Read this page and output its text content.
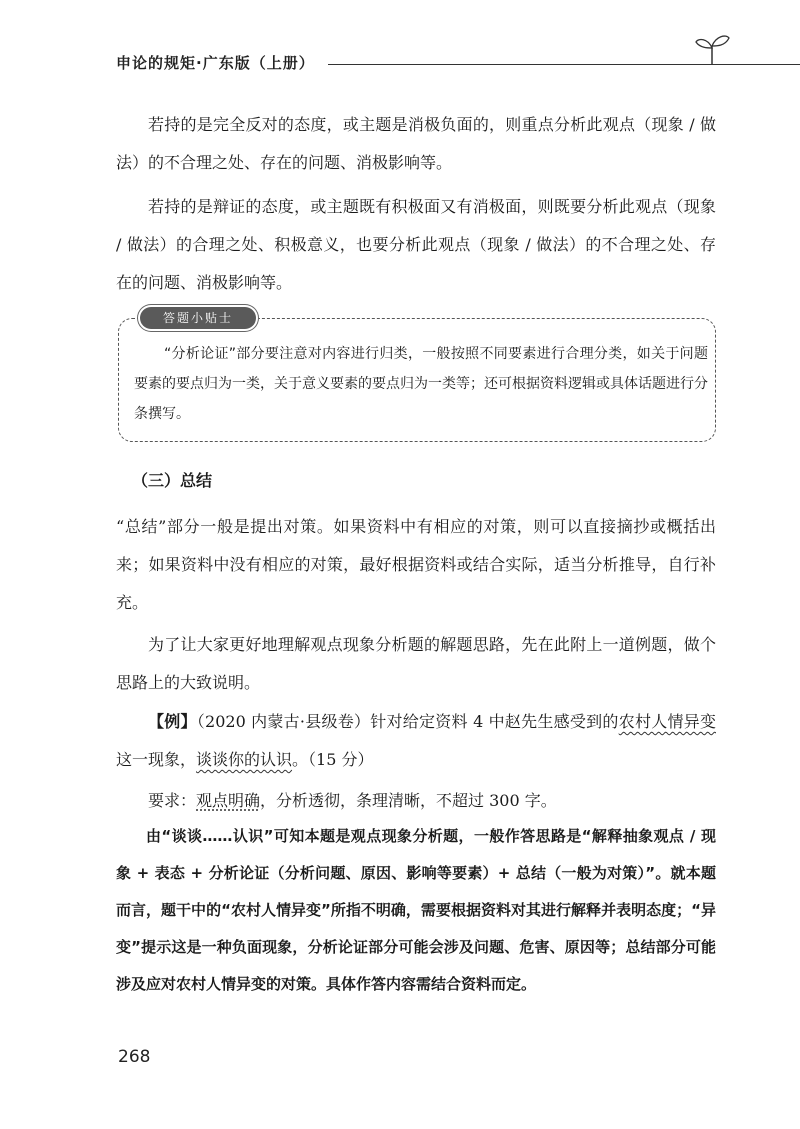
申论的规矩·广东版（上册）

若持的是完全反对的态度，或主题是消极负面的，则重点分析此观点（现象 / 做法）的不合理之处、存在的问题、消极影响等。

若持的是辩证的态度，或主题既有积极面又有消极面，则既要分析此观点（现象 / 做法）的合理之处、积极意义，也要分析此观点（现象 / 做法）的不合理之处、存在的问题、消极影响等。

答题小贴士

“分析论证”部分要注意对内容进行归类，一般按照不同要素进行合理分类，如关于问题要素的要点归为一类，关于意义要素的要点归为一类等；还可根据资料逻辑或具体话题进行分条撰写。

（三）总结

“总结”部分一般是提出对策。如果资料中有相应的对策，则可以直接摘抄或概括出来；如果资料中没有相应的对策，最好根据资料或结合实际，适当分析推导，自行补充。

为了让大家更好地理解观点现象分析题的解题思路，先在此附上一道例题，做个思路上的大致说明。

【例】（2020 内蒙古·县级卷）针对给定资料 4 中赵先生感受到的农村人情异变这一现象，谈谈你的认识。（15 分）

要求：观点明确，分析透彻，条理清晰，不超过 300 字。

由“谈谈……认识”可知本题是观点现象分析题，一般作答思路是“解释抽象观点 / 现象 + 表态 + 分析论证（分析问题、原因、影响等要素）+ 总结（一般为对策）”。就本题而言，题干中的“农村人情异变”所指不明确，需要根据资料对其进行解释并表明态度；“异变”提示这是一种负面现象，分析论证部分可能会涉及问题、危害、原因等；总结部分可能涉及应对农村人情异变的对策。具体作答内容需结合资料而定。

268
